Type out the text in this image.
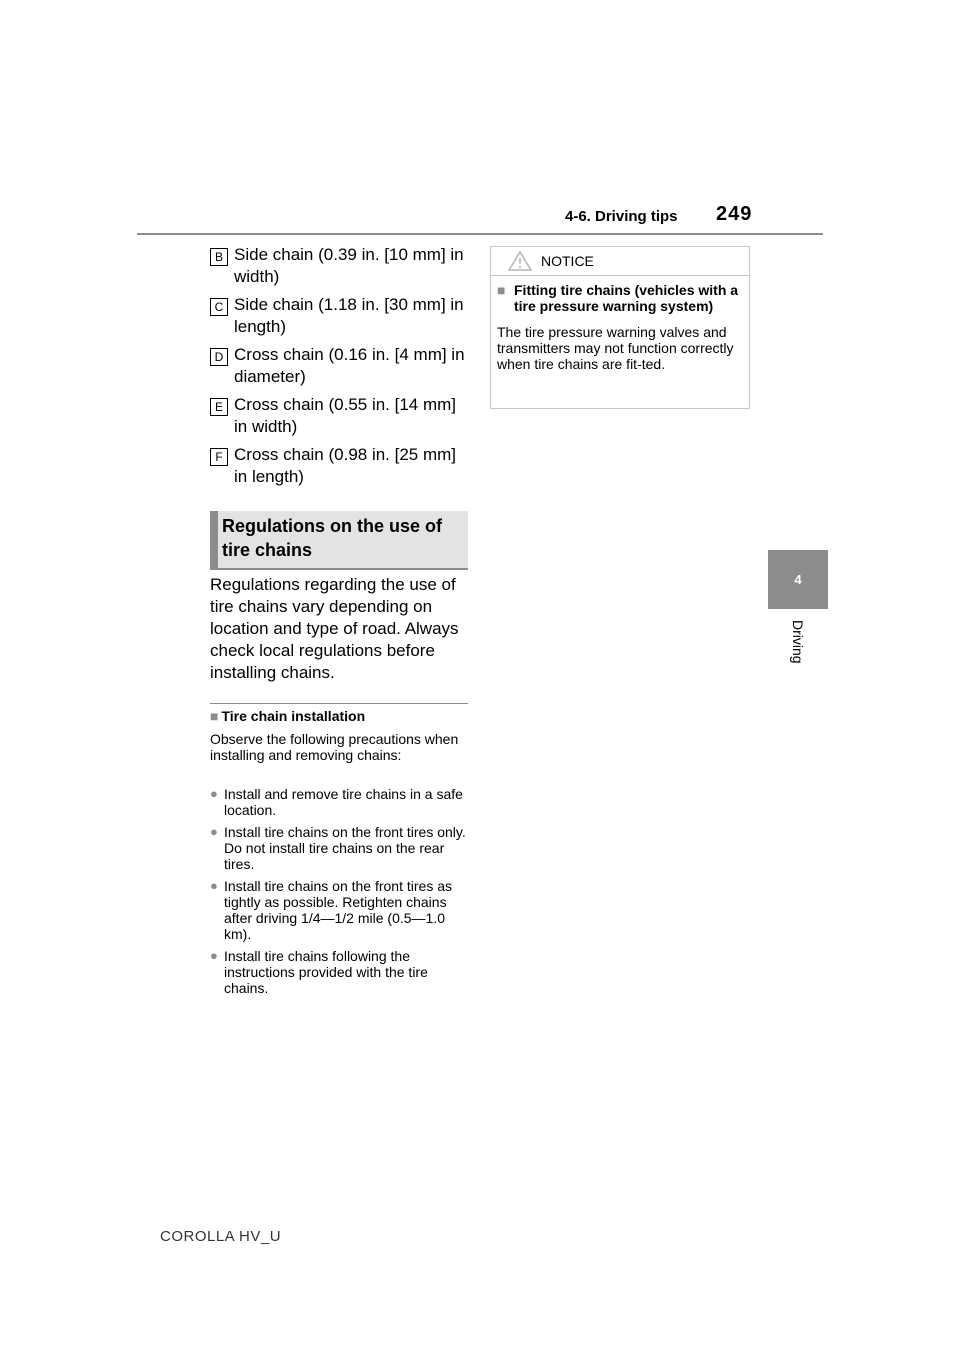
4-6. Driving tips 249
4
Driving
B Side chain (0.39 in. [10 mm] in width)
C Side chain (1.18 in. [30 mm] in length)
D Cross chain (0.16 in. [4 mm] in diameter)
E Cross chain (0.55 in. [14 mm] in width)
F Cross chain (0.98 in. [25 mm] in length)
Regulations on the use of tire chains
Regulations regarding the use of tire chains vary depending on location and type of road. Always check local regulations before installing chains.
■ Tire chain installation
Observe the following precautions when installing and removing chains:
● Install and remove tire chains in a safe location.
● Install tire chains on the front tires only. Do not install tire chains on the rear tires.
● Install tire chains on the front tires as tightly as possible. Retighten chains after driving 1/4—1/2 mile (0.5—1.0 km).
● Install tire chains following the instructions provided with the tire chains.
NOTICE
■ Fitting tire chains (vehicles with a tire pressure warning system)
The tire pressure warning valves and transmitters may not function correctly when tire chains are fit-ted.
COROLLA HV_U
